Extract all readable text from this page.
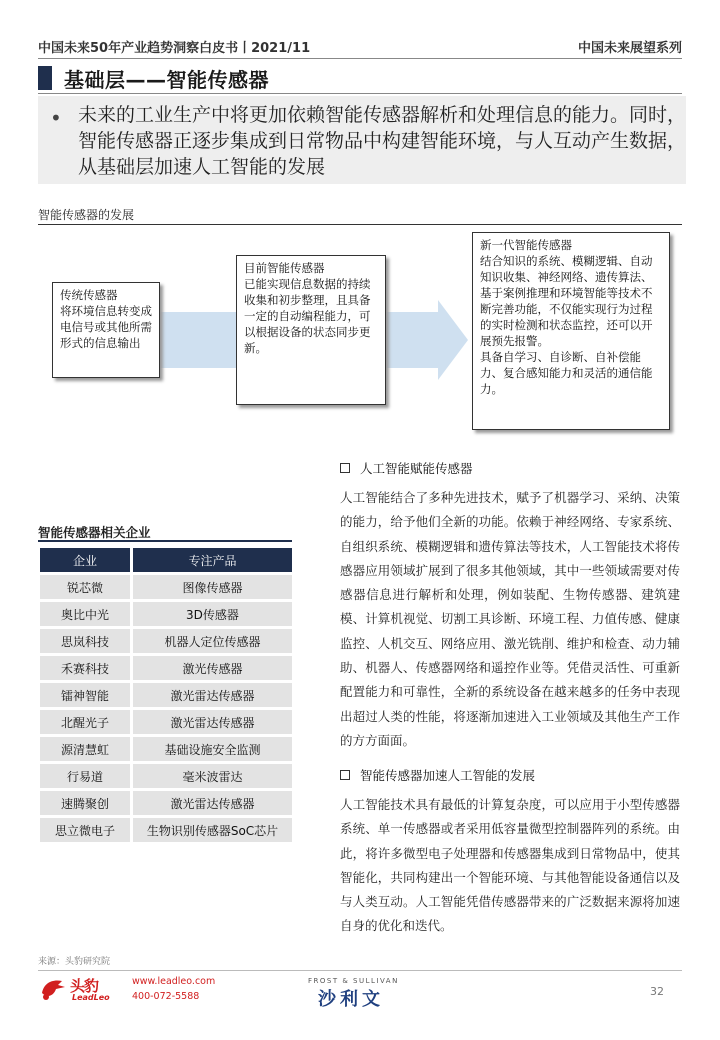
中国未来50年产业趋势洞察白皮书丨2021/11	中国未来展望系列
基础层——智能传感器
• 未来的工业生产中将更加依赖智能传感器解析和处理信息的能力。同时，智能传感器正逐步集成到日常物品中构建智能环境，与人互动产生数据，从基础层加速人工智能的发展
智能传感器的发展
传统传感器
将环境信息转变成电信号或其他所需形式的信息输出
目前智能传感器
已能实现信息数据的持续收集和初步整理，且具备一定的自动编程能力，可以根据设备的状态同步更新。
新一代智能传感器
结合知识的系统、模糊逻辑、自动知识收集、神经网络、遗传算法、基于案例推理和环境智能等技术不断完善功能，不仅能实现行为过程的实时检测和状态监控，还可以开展预先报警。
具备自学习、自诊断、自补偿能力、复合感知能力和灵活的通信能力。
人工智能赋能传感器
人工智能结合了多种先进技术，赋予了机器学习、采纳、决策的能力，给予他们全新的功能。依赖于神经网络、专家系统、自组织系统、模糊逻辑和遗传算法等技术，人工智能技术将传感器应用领域扩展到了很多其他领域，其中一些领域需要对传感器信息进行解析和处理，例如装配、生物传感器、建筑建模、计算机视觉、切割工具诊断、环境工程、力值传感、健康监控、人机交互、网络应用、激光铣削、维护和检查、动力辅助、机器人、传感器网络和遥控作业等。凭借灵活性、可重新配置能力和可靠性，全新的系统设备在越来越多的任务中表现出超过人类的性能，将逐渐加速进入工业领域及其他生产工作的方方面面。
智能传感器加速人工智能的发展
人工智能技术具有最低的计算复杂度，可以应用于小型传感器系统、单一传感器或者采用低容量微型控制器阵列的系统。由此，将许多微型电子处理器和传感器集成到日常物品中，使其智能化，共同构建出一个智能环境、与其他智能设备通信以及与人类互动。人工智能凭借传感器带来的广泛数据来源将加速自身的优化和迭代。
智能传感器相关企业
企业	专注产品
锐芯微	图像传感器
奥比中光	3D传感器
思岚科技	机器人定位传感器
禾赛科技	激光传感器
镭神智能	激光雷达传感器
北醒光子	激光雷达传感器
源清慧虹	基础设施安全监测
行易道	毫米波雷达
速腾聚创	激光雷达传感器
思立微电子	生物识别传感器SoC芯片
来源：头豹研究院
头豹
LeadLeo
www.leadleo.com
400-072-5588
FROST & SULLIVAN
沙利文	32
